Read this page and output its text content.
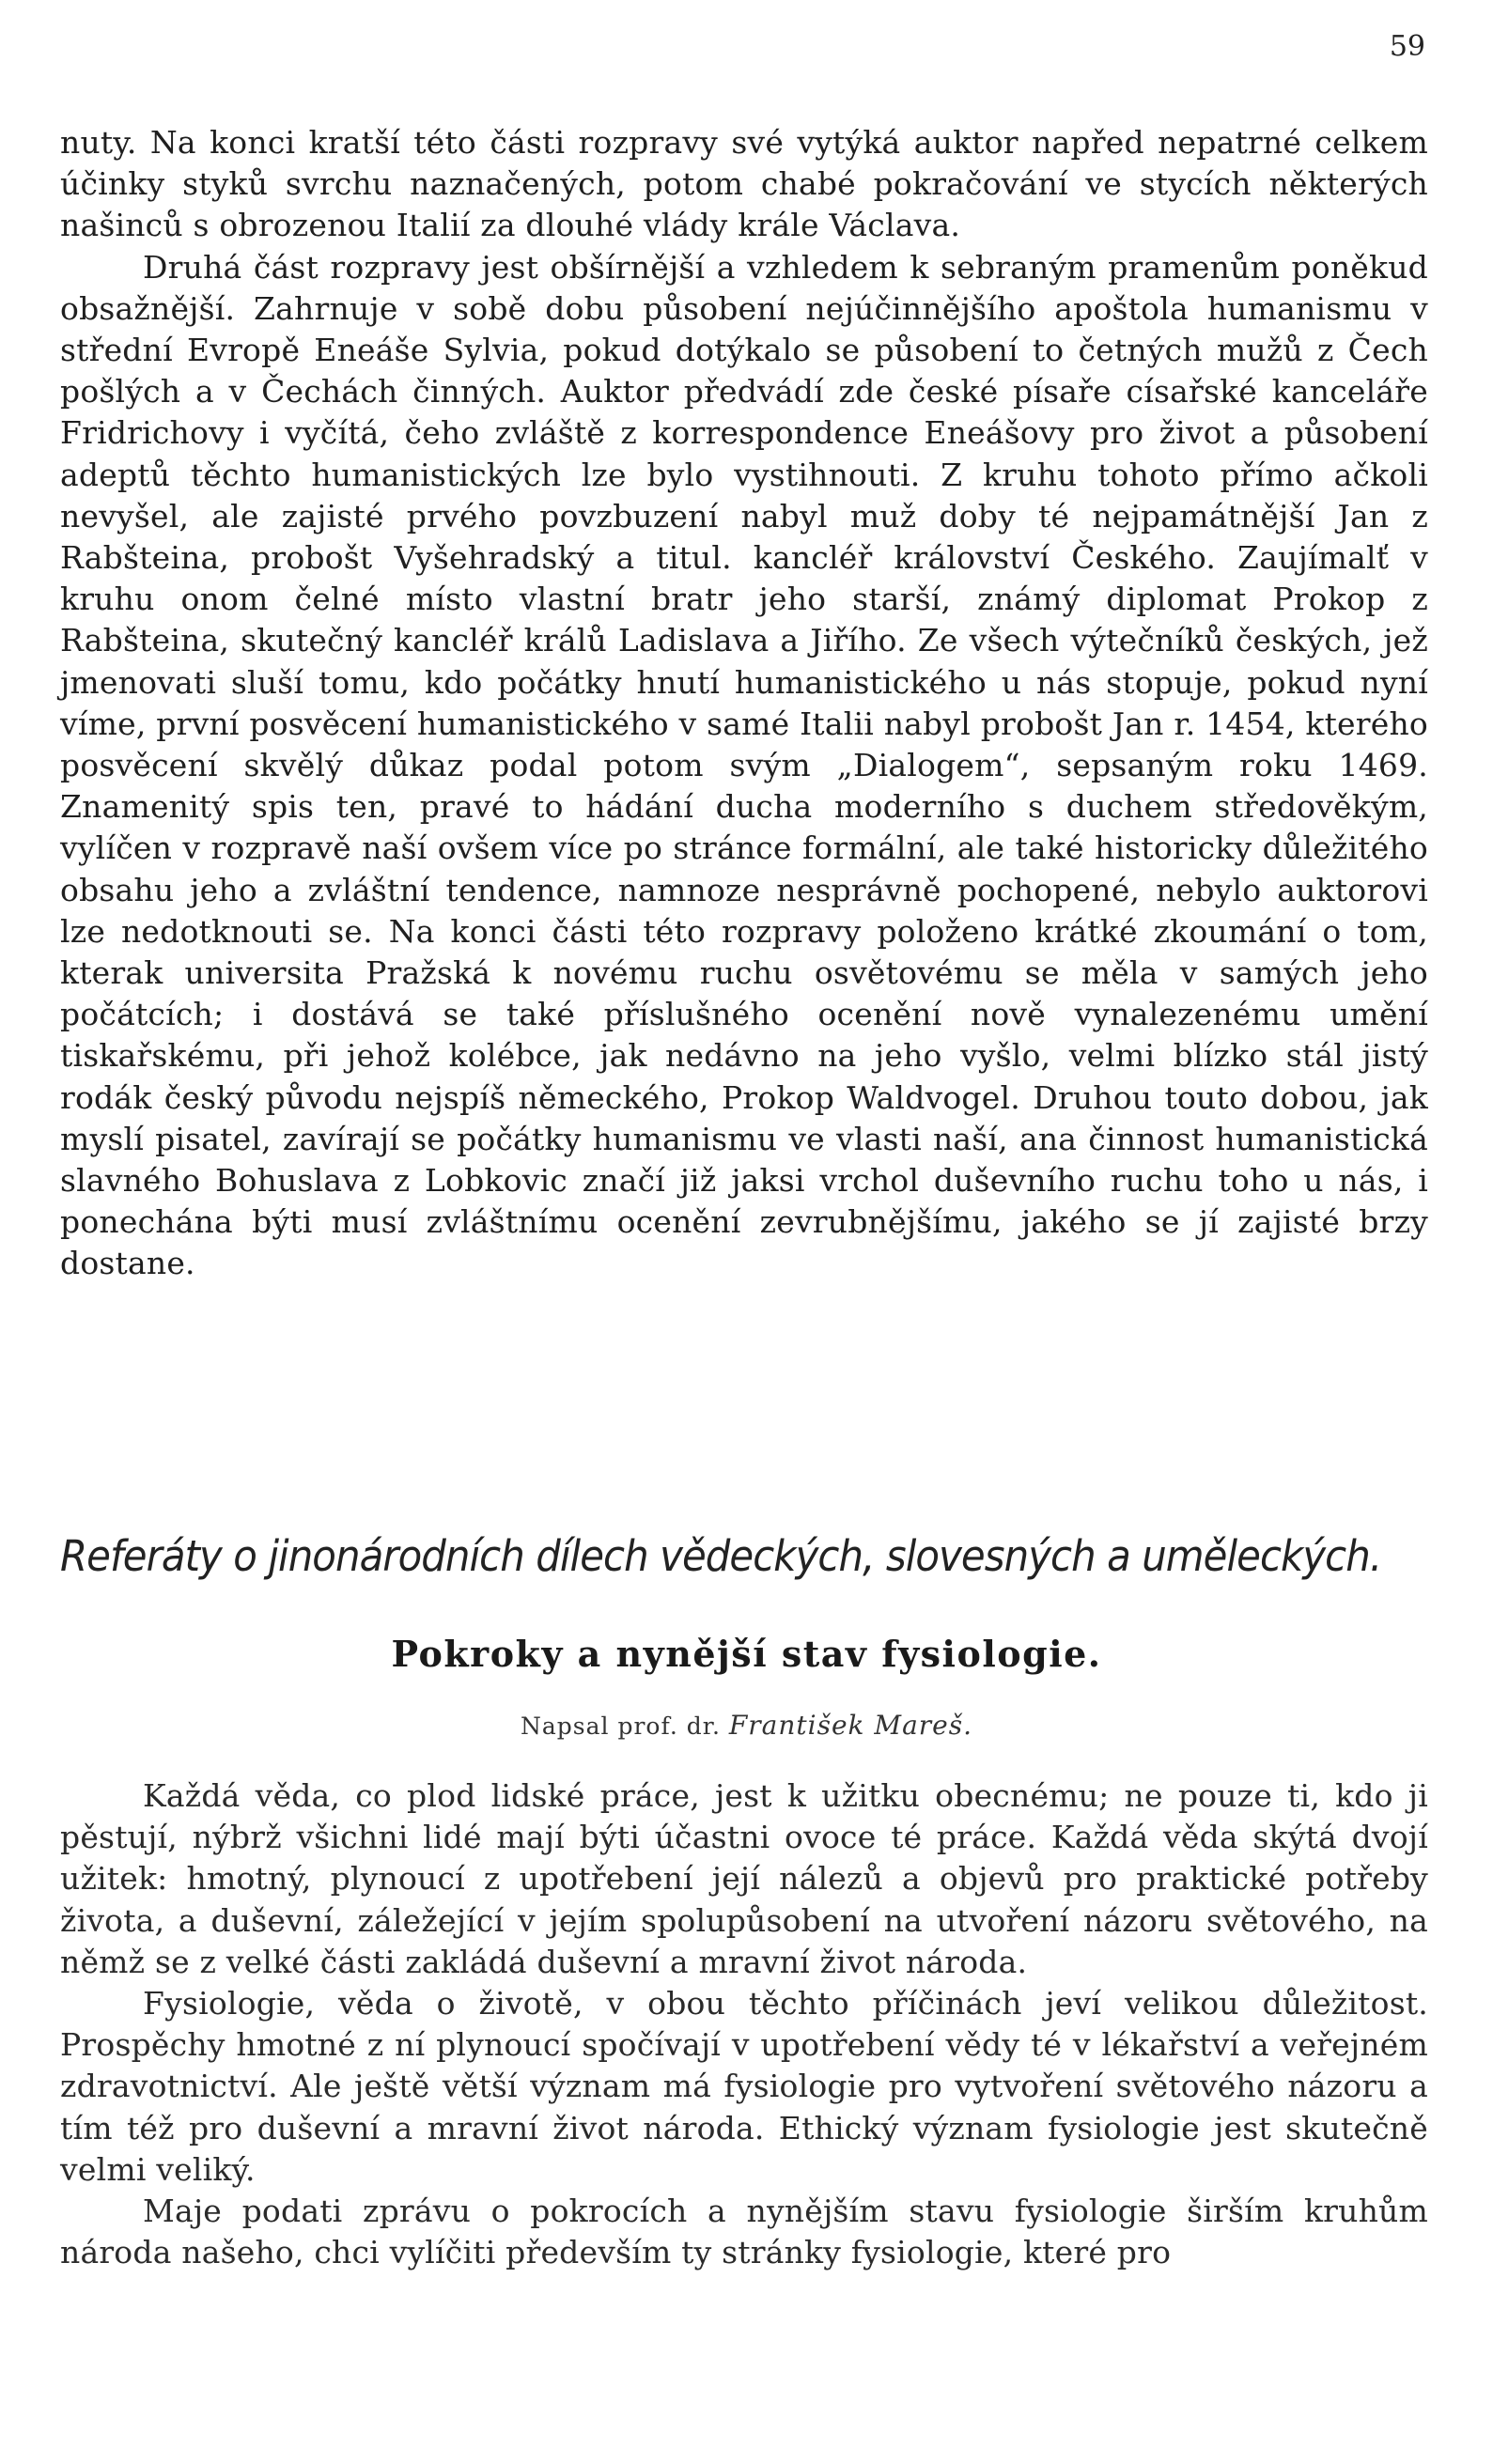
59

nuty. Na konci kratší této části rozpravy své vytýká auktor napřed nepatrné celkem účinky styků svrchu naznačených, potom chabé pokračování ve stycích některých našinců s obrozenou Italií za dlouhé vlády krále Václava.

Druhá část rozpravy jest obšírnější a vzhledem k sebraným pramenům poněkud obsažnější. Zahrnuje v sobě dobu působení nejúčinnějšího apoštola humanismu v střední Evropě Eneáše Sylvia, pokud dotýkalo se působení to četných mužů z Čech pošlých a v Čechách činných. Auktor předvádí zde české písaře císařské kanceláře Fridrichovy i vyčítá, čeho zvláště z korrespondence Eneášovy pro život a působení adeptů těchto humanistických lze bylo vystihnouti. Z kruhu tohoto přímo ačkoli nevyšel, ale zajisté prvého povzbuzení nabyl muž doby té nejpamátnější Jan z Rabšteina, probošt Vyšehradský a titul. kancléř království Českého. Zaujímalť v kruhu onom čelné místo vlastní bratr jeho starší, známý diplomat Prokop z Rabšteina, skutečný kancléř králů Ladislava a Jiřího. Ze všech výtečníků českých, jež jmenovati sluší tomu, kdo počátky hnutí humanistického u nás stopuje, pokud nyní víme, první posvěcení humanistického v samé Italii nabyl probošt Jan r. 1454, kterého posvěcení skvělý důkaz podal potom svým „Dialogem“, sepsaným roku 1469. Znamenitý spis ten, pravé to hádání ducha moderního s duchem středověkým, vylíčen v rozpravě naší ovšem více po stránce formální, ale také historicky důležitého obsahu jeho a zvláštní tendence, namnoze nesprávně pochopené, nebylo auktorovi lze nedotknouti se. Na konci části této rozpravy položeno krátké zkoumání o tom, kterak universita Pražská k novému ruchu osvětovému se měla v samých jeho počátcích; i dostává se také příslušného ocenění nově vynalezenému umění tiskařskému, při jehož kolébce, jak nedávno na jeho vyšlo, velmi blízko stál jistý rodák český původu nejspíš německého, Prokop Waldvogel. Druhou touto dobou, jak myslí pisatel, zavírají se počátky humanismu ve vlasti naší, ana činnost humanistická slavného Bohuslava z Lobkovic značí již jaksi vrchol duševního ruchu toho u nás, i ponechána býti musí zvláštnímu ocenění zevrubnějšímu, jakého se jí zajisté brzy dostane.

Referáty o jinonárodních dílech vědeckých, slovesných a uměleckých.
Pokroky a nynější stav fysiologie.
Napsal prof. dr. František Mareš.

Každá věda, co plod lidské práce, jest k užitku obecnému; ne pouze ti, kdo ji pěstují, nýbrž všichni lidé mají býti účastni ovoce té práce. Každá věda skýtá dvojí užitek: hmotný, plynoucí z upotřebení její nálezů a objevů pro praktické potřeby života, a duševní, záležející v jejím spolupůsobení na utvoření názoru světového, na němž se z velké části zakládá duševní a mravní život národa.

Fysiologie, věda o životě, v obou těchto příčinách jeví velikou důležitost. Prospěchy hmotné z ní plynoucí spočívají v upotřebení vědy té v lékařství a veřejném zdravotnictví. Ale ještě větší význam má fysiologie pro vytvoření světového názoru a tím též pro duševní a mravní život národa. Ethický význam fysiologie jest skutečně velmi veliký.

Maje podati zprávu o pokrocích a nynějším stavu fysiologie širším kruhům národa našeho, chci vylíčiti především ty stránky fysiologie, které pro
